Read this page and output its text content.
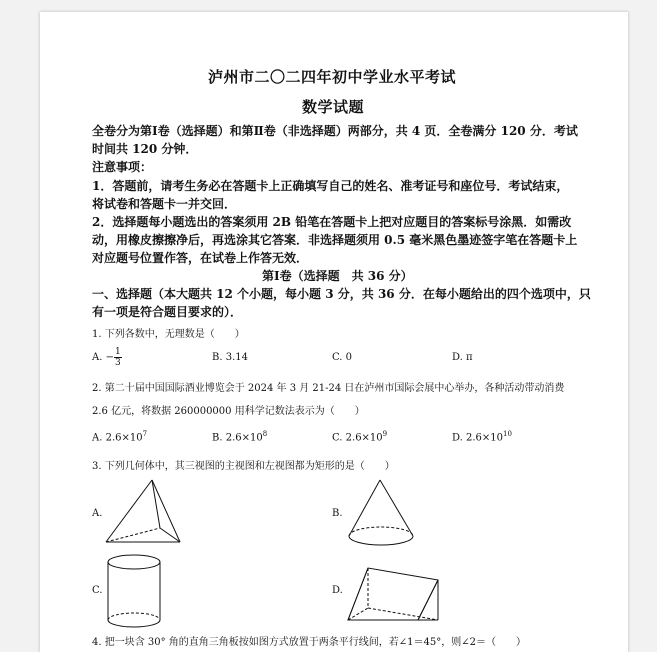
泸州市二〇二四年初中学业水平考试
数学试题
全卷分为第Ⅰ卷（选择题）和第Ⅱ卷（非选择题）两部分，共 4 页．全卷满分 120 分．考试
时间共 120 分钟．
注意事项：
1．答题前，请考生务必在答题卡上正确填写自己的姓名、准考证号和座位号．考试结束，
将试卷和答题卡一并交回．
2．选择题每小题选出的答案须用 2B 铅笔在答题卡上把对应题目的答案标号涂黑．如需改
动，用橡皮擦擦净后，再选涂其它答案．非选择题须用 0.5 毫米黑色墨迹签字笔在答题卡上
对应题号位置作答，在试卷上作答无效．
第Ⅰ卷（选择题　共 36 分）
一、选择题（本大题共 12 个小题，每小题 3 分，共 36 分．在每小题给出的四个选项中，只
有一项是符合题目要求的）．
1. 下列各数中，无理数是（　　）
A. − $\frac{1}{3}$	B. 3.14	C. 0	D. π
2. 第二十届中国国际酒业博览会于 2024 年 3 月 21-24 日在泸州市国际会展中心举办，各种活动带动消费
2.6 亿元，将数据 260000000 用科学记数法表示为（　　）
A. $2.6\times 10^7$	B. $2.6\times 10^8$	C. $2.6\times 10^9$	D. $2.6\times 10^{10}$
3. 下列几何体中，其三视图的主视图和左视图都为矩形的是（　　）
A.	B.
C.	D.
4. 把一块含 30° 角的直角三角板按如图方式放置于两条平行线间，若∠1＝45°，则∠2＝（　　）
